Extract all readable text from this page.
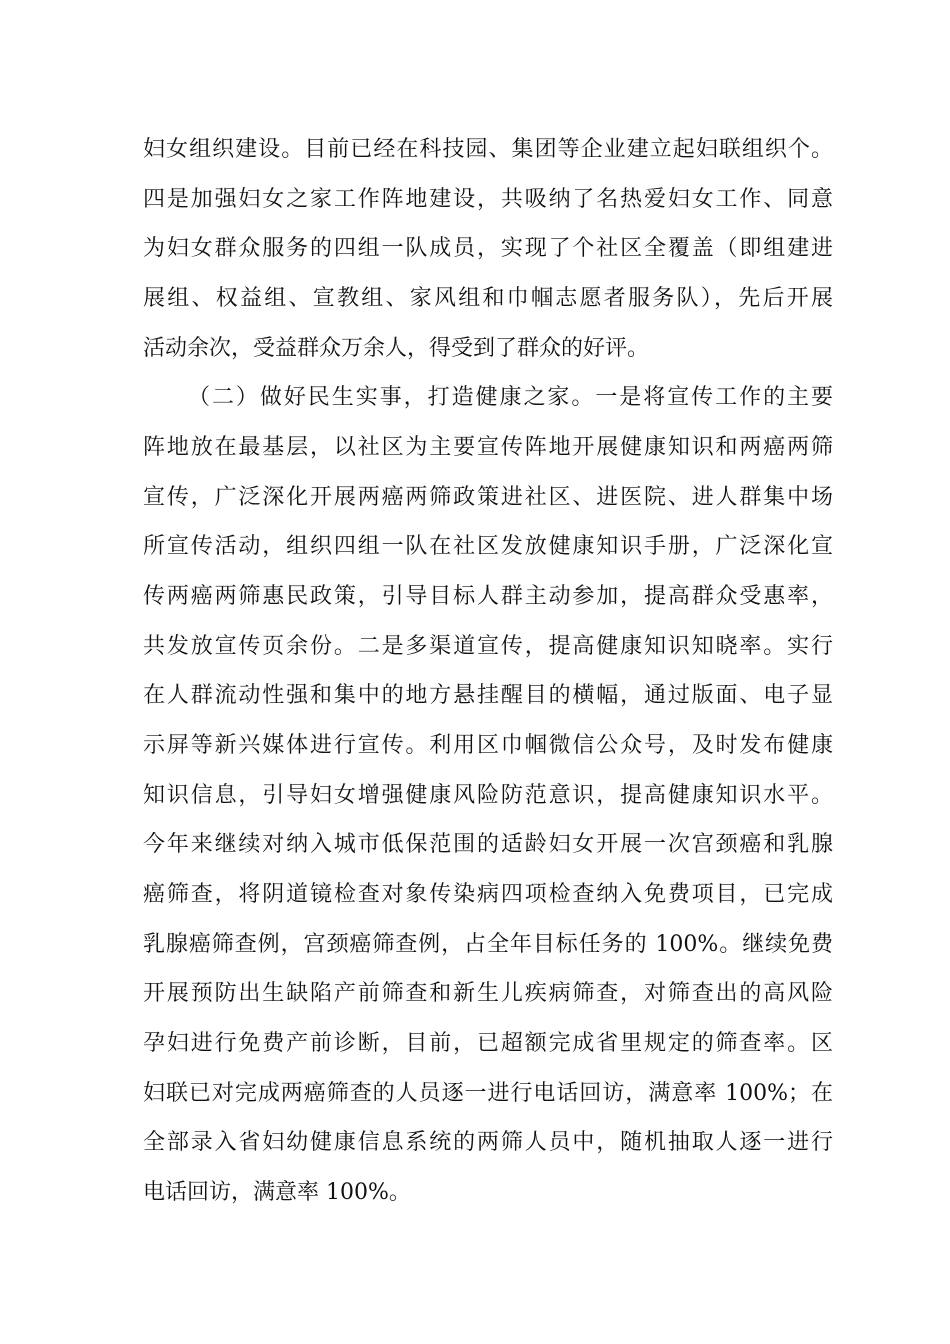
妇女组织建设。目前已经在科技园、集团等企业建立起妇联组织个。
四是加强妇女之家工作阵地建设，共吸纳了名热爱妇女工作、同意
为妇女群众服务的四组一队成员，实现了个社区全覆盖（即组建进
展组、权益组、宣教组、家风组和巾帼志愿者服务队），先后开展
活动余次，受益群众万余人，得受到了群众的好评。
（二）做好民生实事，打造健康之家。一是将宣传工作的主要
阵地放在最基层，以社区为主要宣传阵地开展健康知识和两癌两筛
宣传，广泛深化开展两癌两筛政策进社区、进医院、进人群集中场
所宣传活动，组织四组一队在社区发放健康知识手册，广泛深化宣
传两癌两筛惠民政策，引导目标人群主动参加，提高群众受惠率，
共发放宣传页余份。二是多渠道宣传，提高健康知识知晓率。实行
在人群流动性强和集中的地方悬挂醒目的横幅，通过版面、电子显
示屏等新兴媒体进行宣传。利用区巾帼微信公众号，及时发布健康
知识信息，引导妇女增强健康风险防范意识，提高健康知识水平。
今年来继续对纳入城市低保范围的适龄妇女开展一次宫颈癌和乳腺
癌筛查，将阴道镜检查对象传染病四项检查纳入免费项目，已完成
乳腺癌筛查例，宫颈癌筛查例，占全年目标任务的 100%。继续免费
开展预防出生缺陷产前筛查和新生儿疾病筛查，对筛查出的高风险
孕妇进行免费产前诊断，目前，已超额完成省里规定的筛查率。区
妇联已对完成两癌筛查的人员逐一进行电话回访，满意率 100%；在
全部录入省妇幼健康信息系统的两筛人员中，随机抽取人逐一进行
电话回访，满意率 100%。
